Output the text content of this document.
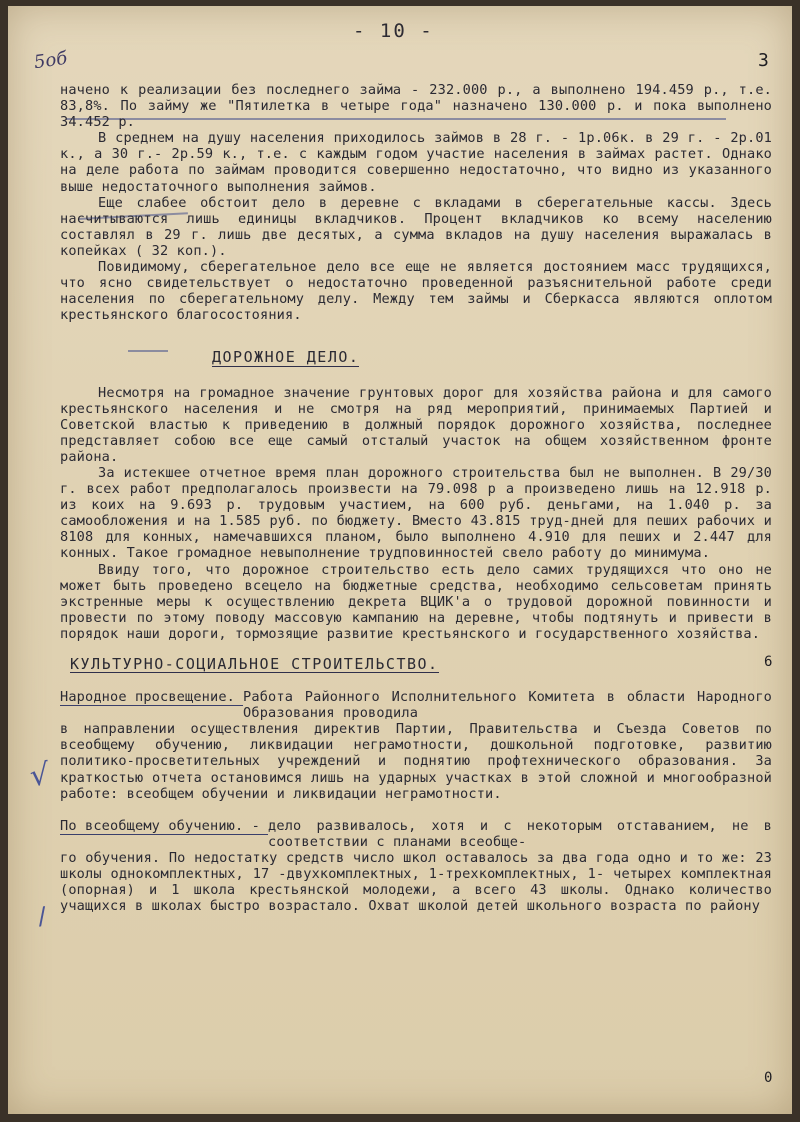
- 10 -
5об	3
6
0
√
/

начено к реализации без последнего займа - 232.000 р., а выполнено 194.459 р., т.е. 83,8%. По займу же "Пятилетка в четыре года" назначено 130.000 р. и пока выполнено 34.452 р.

В среднем на душу населения приходилось займов в 28 г. - 1р.06к. в 29 г. - 2р.01 к., а 30 г.- 2р.59 к., т.е. с каждым годом участие населения в займах растет. Однако на деле работа по займам проводится совершенно недостаточно, что видно из указанного выше недостаточного выполнения займов.

Еще слабее обстоит дело в деревне с вкладами в сберегательные кассы. Здесь насчитываются лишь единицы вкладчиков. Процент вкладчиков ко всему населению составлял в 29 г. лишь две десятых, а сумма вкладов на душу населения выражалась в копейках ( 32 коп.).

Повидимому, сберегательное дело все еще не является достоянием масс трудящихся, что ясно свидетельствует о недостаточно проведенной разъяснительной работе среди населения по сберегательному делу. Между тем займы и Сберкасса являются оплотом крестьянского благосостояния.

ДОРОЖНОЕ ДЕЛО.

Несмотря на громадное значение грунтовых дорог для хозяйства района и для самого крестьянского населения и не смотря на ряд мероприятий, принимаемых Партией и Советской властью к приведению в должный порядок дорожного хозяйства, последнее представляет собою все еще самый отсталый участок на общем хозяйственном фронте района.

За истекшее отчетное время план дорожного строительства был не выполнен. В 29/30 г. всех работ предполагалось произвести на 79.098 р а произведено лишь на 12.918 р. из коих на 9.693 р. трудовым участием, на 600 руб. деньгами, на 1.040 р. за самообложения и на 1.585 руб. по бюджету. Вместо 43.815 труд-дней для пеших рабочих и 8108 для конных, намечавшихся планом, было выполнено 4.910 для пеших и 2.447 для конных. Такое громадное невыполнение трудповинностей свело работу до минимума.

Ввиду того, что дорожное строительство есть дело самих трудящихся что оно не может быть проведено всецело на бюджетные средства, необходимо сельсоветам принять экстренные меры к осуществлению декрета ВЦИК'а о трудовой дорожной повинности и провести по этому поводу массовую кампанию на деревне, чтобы подтянуть и привести в порядок наши дороги, тормозящие развитие крестьянского и государственного хозяйства.

КУЛЬТУРНО-СОЦИАЛЬНОЕ СТРОИТЕЛЬСТВО.
Народное просвещение. Работа Районного Исполнительного Комитета в области Народного Образования проводила

в направлении осуществления директив Партии, Правительства и Съезда Советов по всеобщему обучению, ликвидации неграмотности, дошкольной подготовке, развитию политико-просветительных учреждений и поднятию профтехнического образования. За краткостью отчета остановимся лишь на ударных участках в этой сложной и многообразной работе: всеобщем обучении и ликвидации неграмотности.

По всеобщему обучению. - дело развивалось, хотя и с некоторым отставанием, не в соответствии с планами всеобще-

го обучения. По недостатку средств число школ оставалось за два года одно и то же: 23 школы однокомплектных, 17 -двухкомплектных, 1-трехкомплектных, 1- четырех комплектная (опорная) и 1 школа крестьянской молодежи, а всего 43 школы. Однако количество учащихся в школах быстро возрастало. Охват школой детей школьного возраста по району
